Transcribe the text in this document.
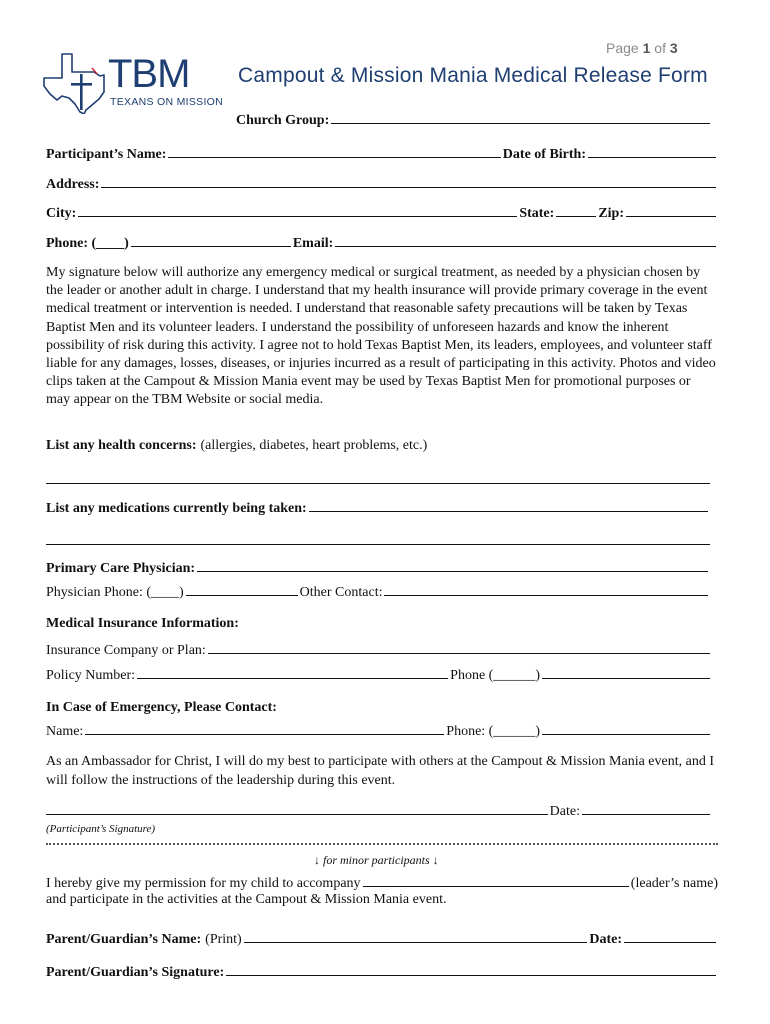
Page 1 of 3
TBM
TEXANS ON MISSION
Campout & Mission Mania Medical Release Form
Church Group:
Participant’s Name:	Date of Birth:
Address:
City:	State:	Zip:
Phone: (____)	Email:
My signature below will authorize any emergency medical or surgical treatment, as needed by a physician chosen by the leader or another adult in charge. I understand that my health insurance will provide primary coverage in the event medical treatment or intervention is needed. I understand that reasonable safety precautions will be taken by Texas Baptist Men and its volunteer leaders. I understand the possibility of unforeseen hazards and know the inherent possibility of risk during this activity. I agree not to hold Texas Baptist Men, its leaders, employees, and volunteer staff liable for any damages, losses, diseases, or injuries incurred as a result of participating in this activity. Photos and video clips taken at the Campout & Mission Mania event may be used by Texas Baptist Men for promotional purposes or may appear on the TBM Website or social media.
List any health concerns: (allergies, diabetes, heart problems, etc.)
List any medications currently being taken:
Primary Care Physician:
Physician Phone: (____)	Other Contact:
Medical Insurance Information:
Insurance Company or Plan:
Policy Number:	Phone (______)
In Case of Emergency, Please Contact:
Name:	Phone: (______)
As an Ambassador for Christ, I will do my best to participate with others at the Campout & Mission Mania event, and I will follow the instructions of the leadership during this event.
Date:
(Participant’s Signature)
↓ for minor participants ↓
I hereby give my permission for my child to accompany	(leader’s name)
and participate in the activities at the Campout & Mission Mania event.
Parent/Guardian’s Name: (Print)	Date:
Parent/Guardian’s Signature:
